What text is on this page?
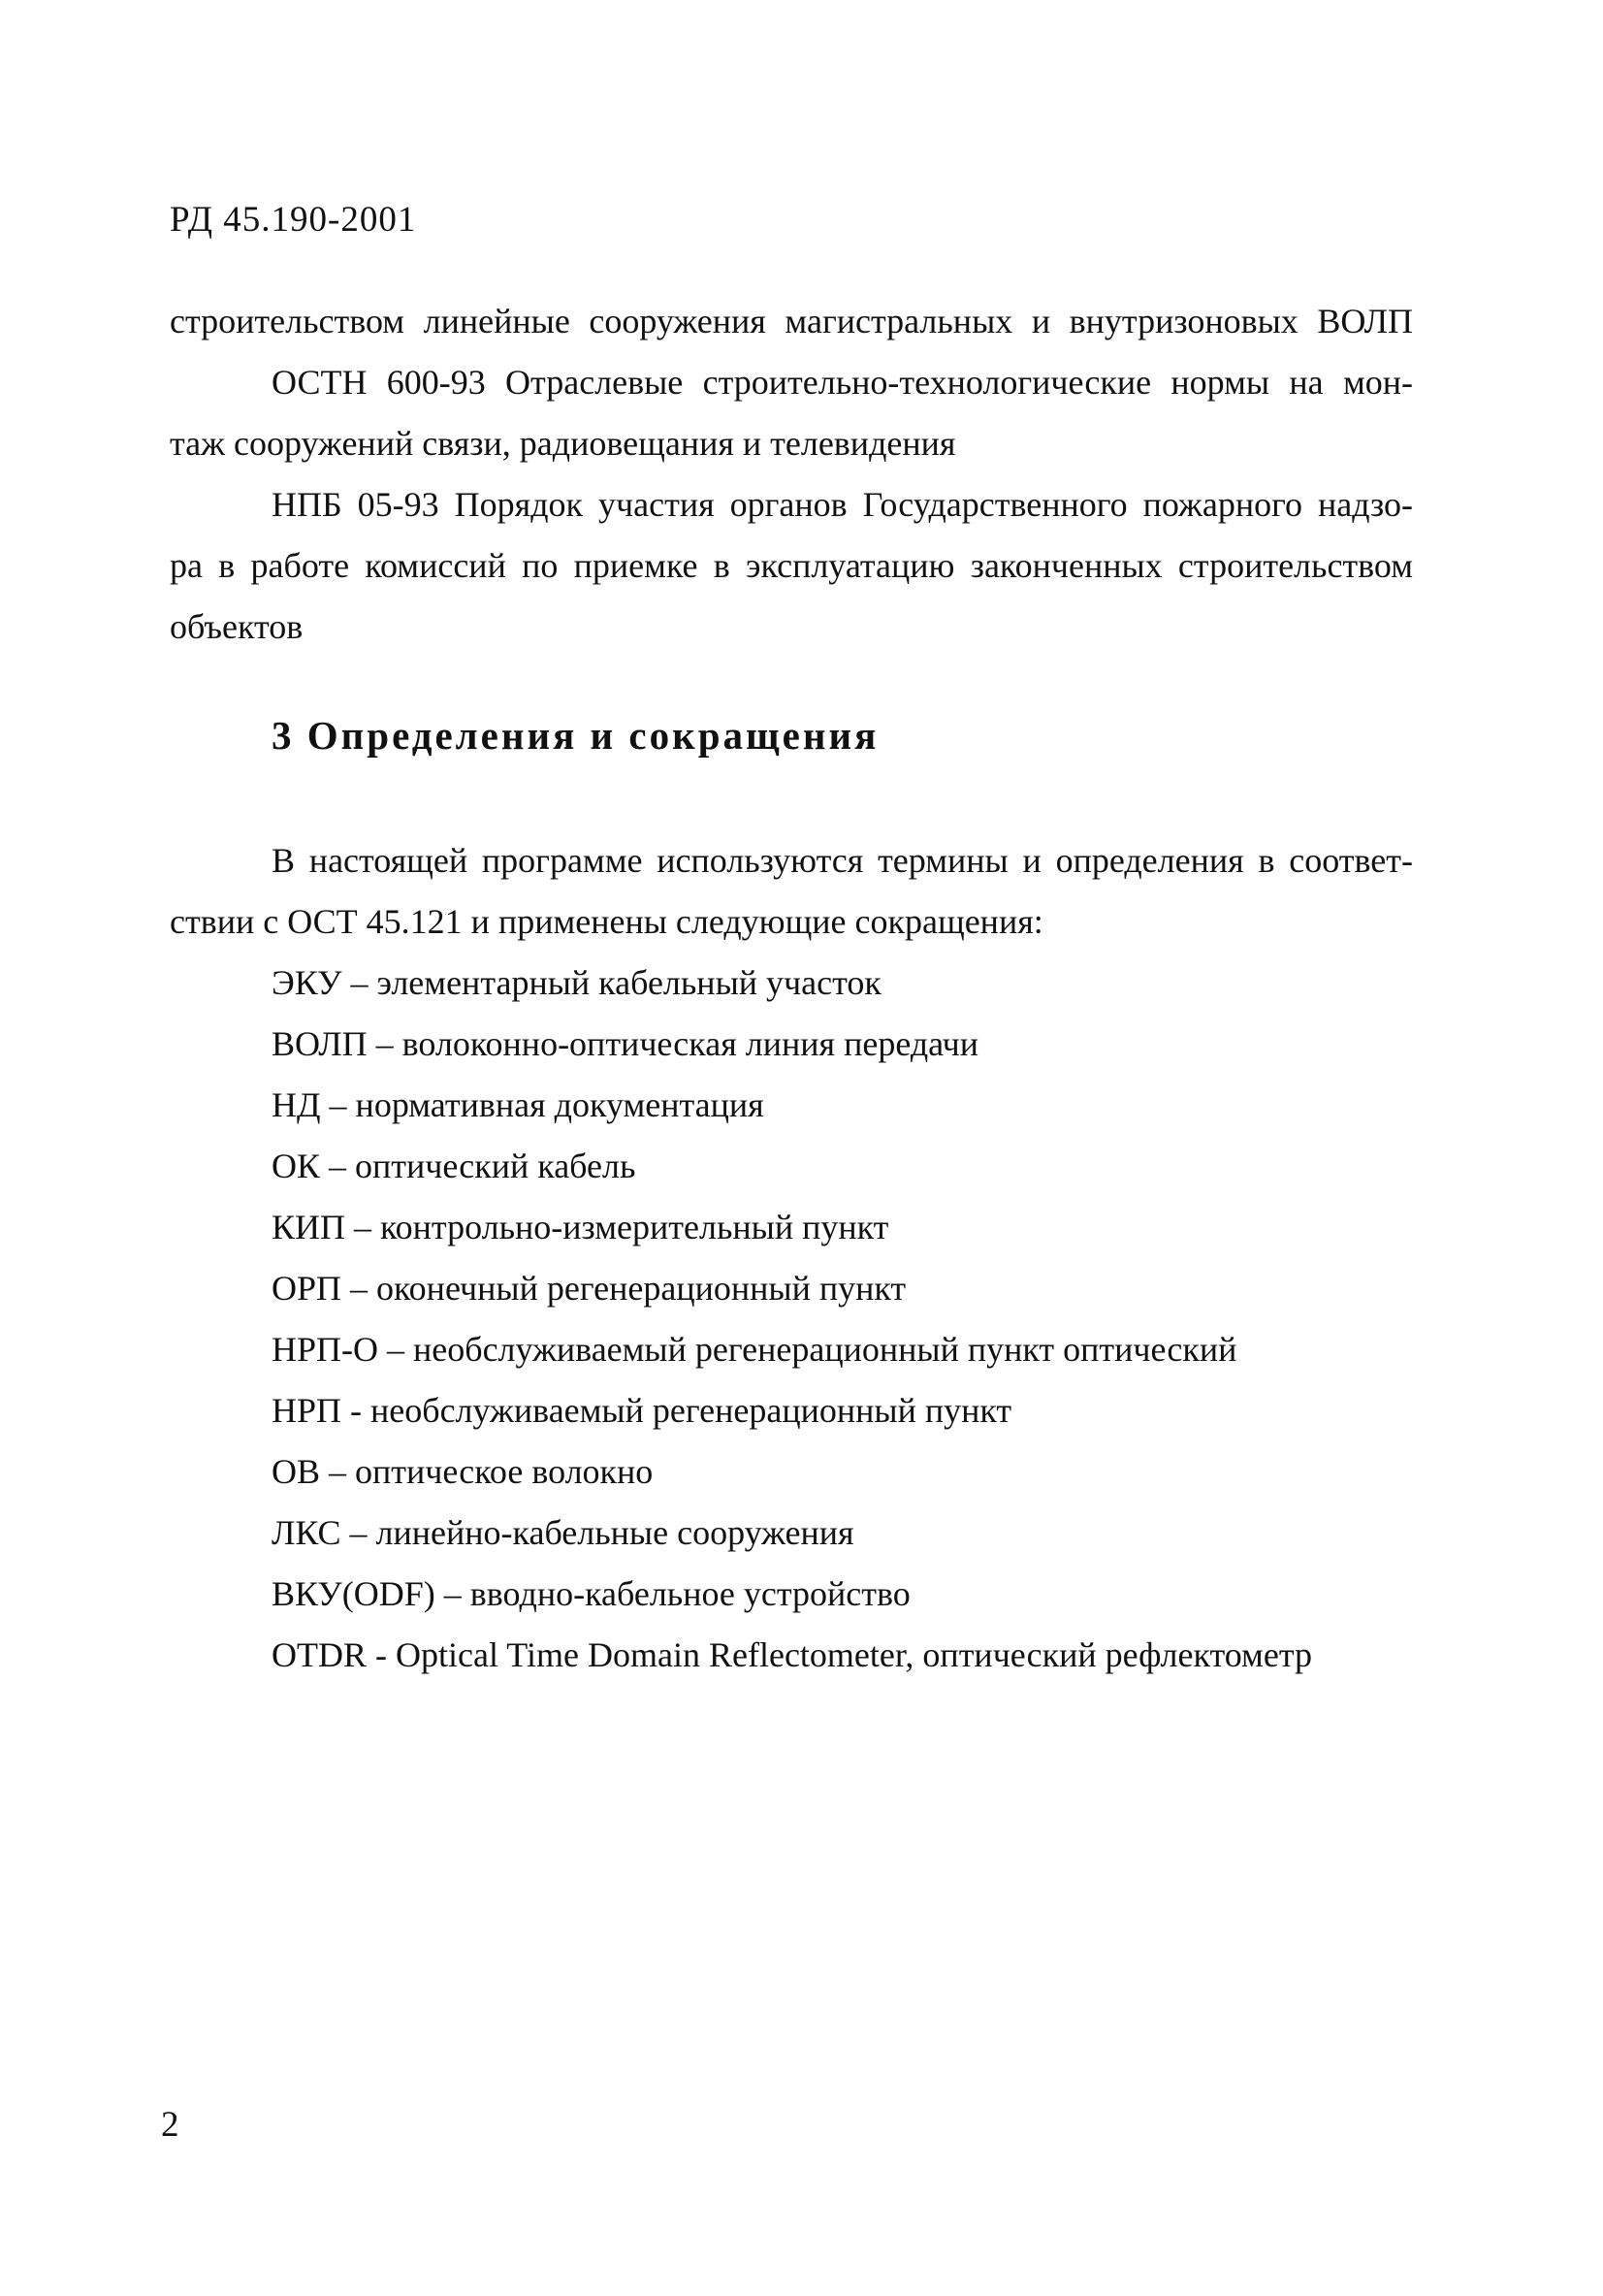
РД 45.190-2001
строительством линейные сооружения магистральных и внутризоновых ВОЛП
ОСТН 600-93 Отраслевые строительно-технологические нормы на мон-
таж сооружений связи, радиовещания и телевидения
НПБ 05-93 Порядок участия органов Государственного пожарного надзо-
ра в работе комиссий по приемке в эксплуатацию законченных строительством
объектов
3 Определения и сокращения
В настоящей программе используются термины и определения в соответ-
ствии с ОСТ 45.121 и применены следующие сокращения:
ЭКУ – элементарный кабельный участок
ВОЛП – волоконно-оптическая линия передачи
НД – нормативная документация
ОК – оптический кабель
КИП – контрольно-измерительный пункт
ОРП – оконечный регенерационный пункт
НРП-О – необслуживаемый регенерационный пункт оптический
НРП - необслуживаемый регенерационный пункт
ОВ – оптическое волокно
ЛКС – линейно-кабельные сооружения
ВКУ(ODF) – вводно-кабельное устройство
OTDR - Optical Time Domain Reflectometer, оптический рефлектометр
2
